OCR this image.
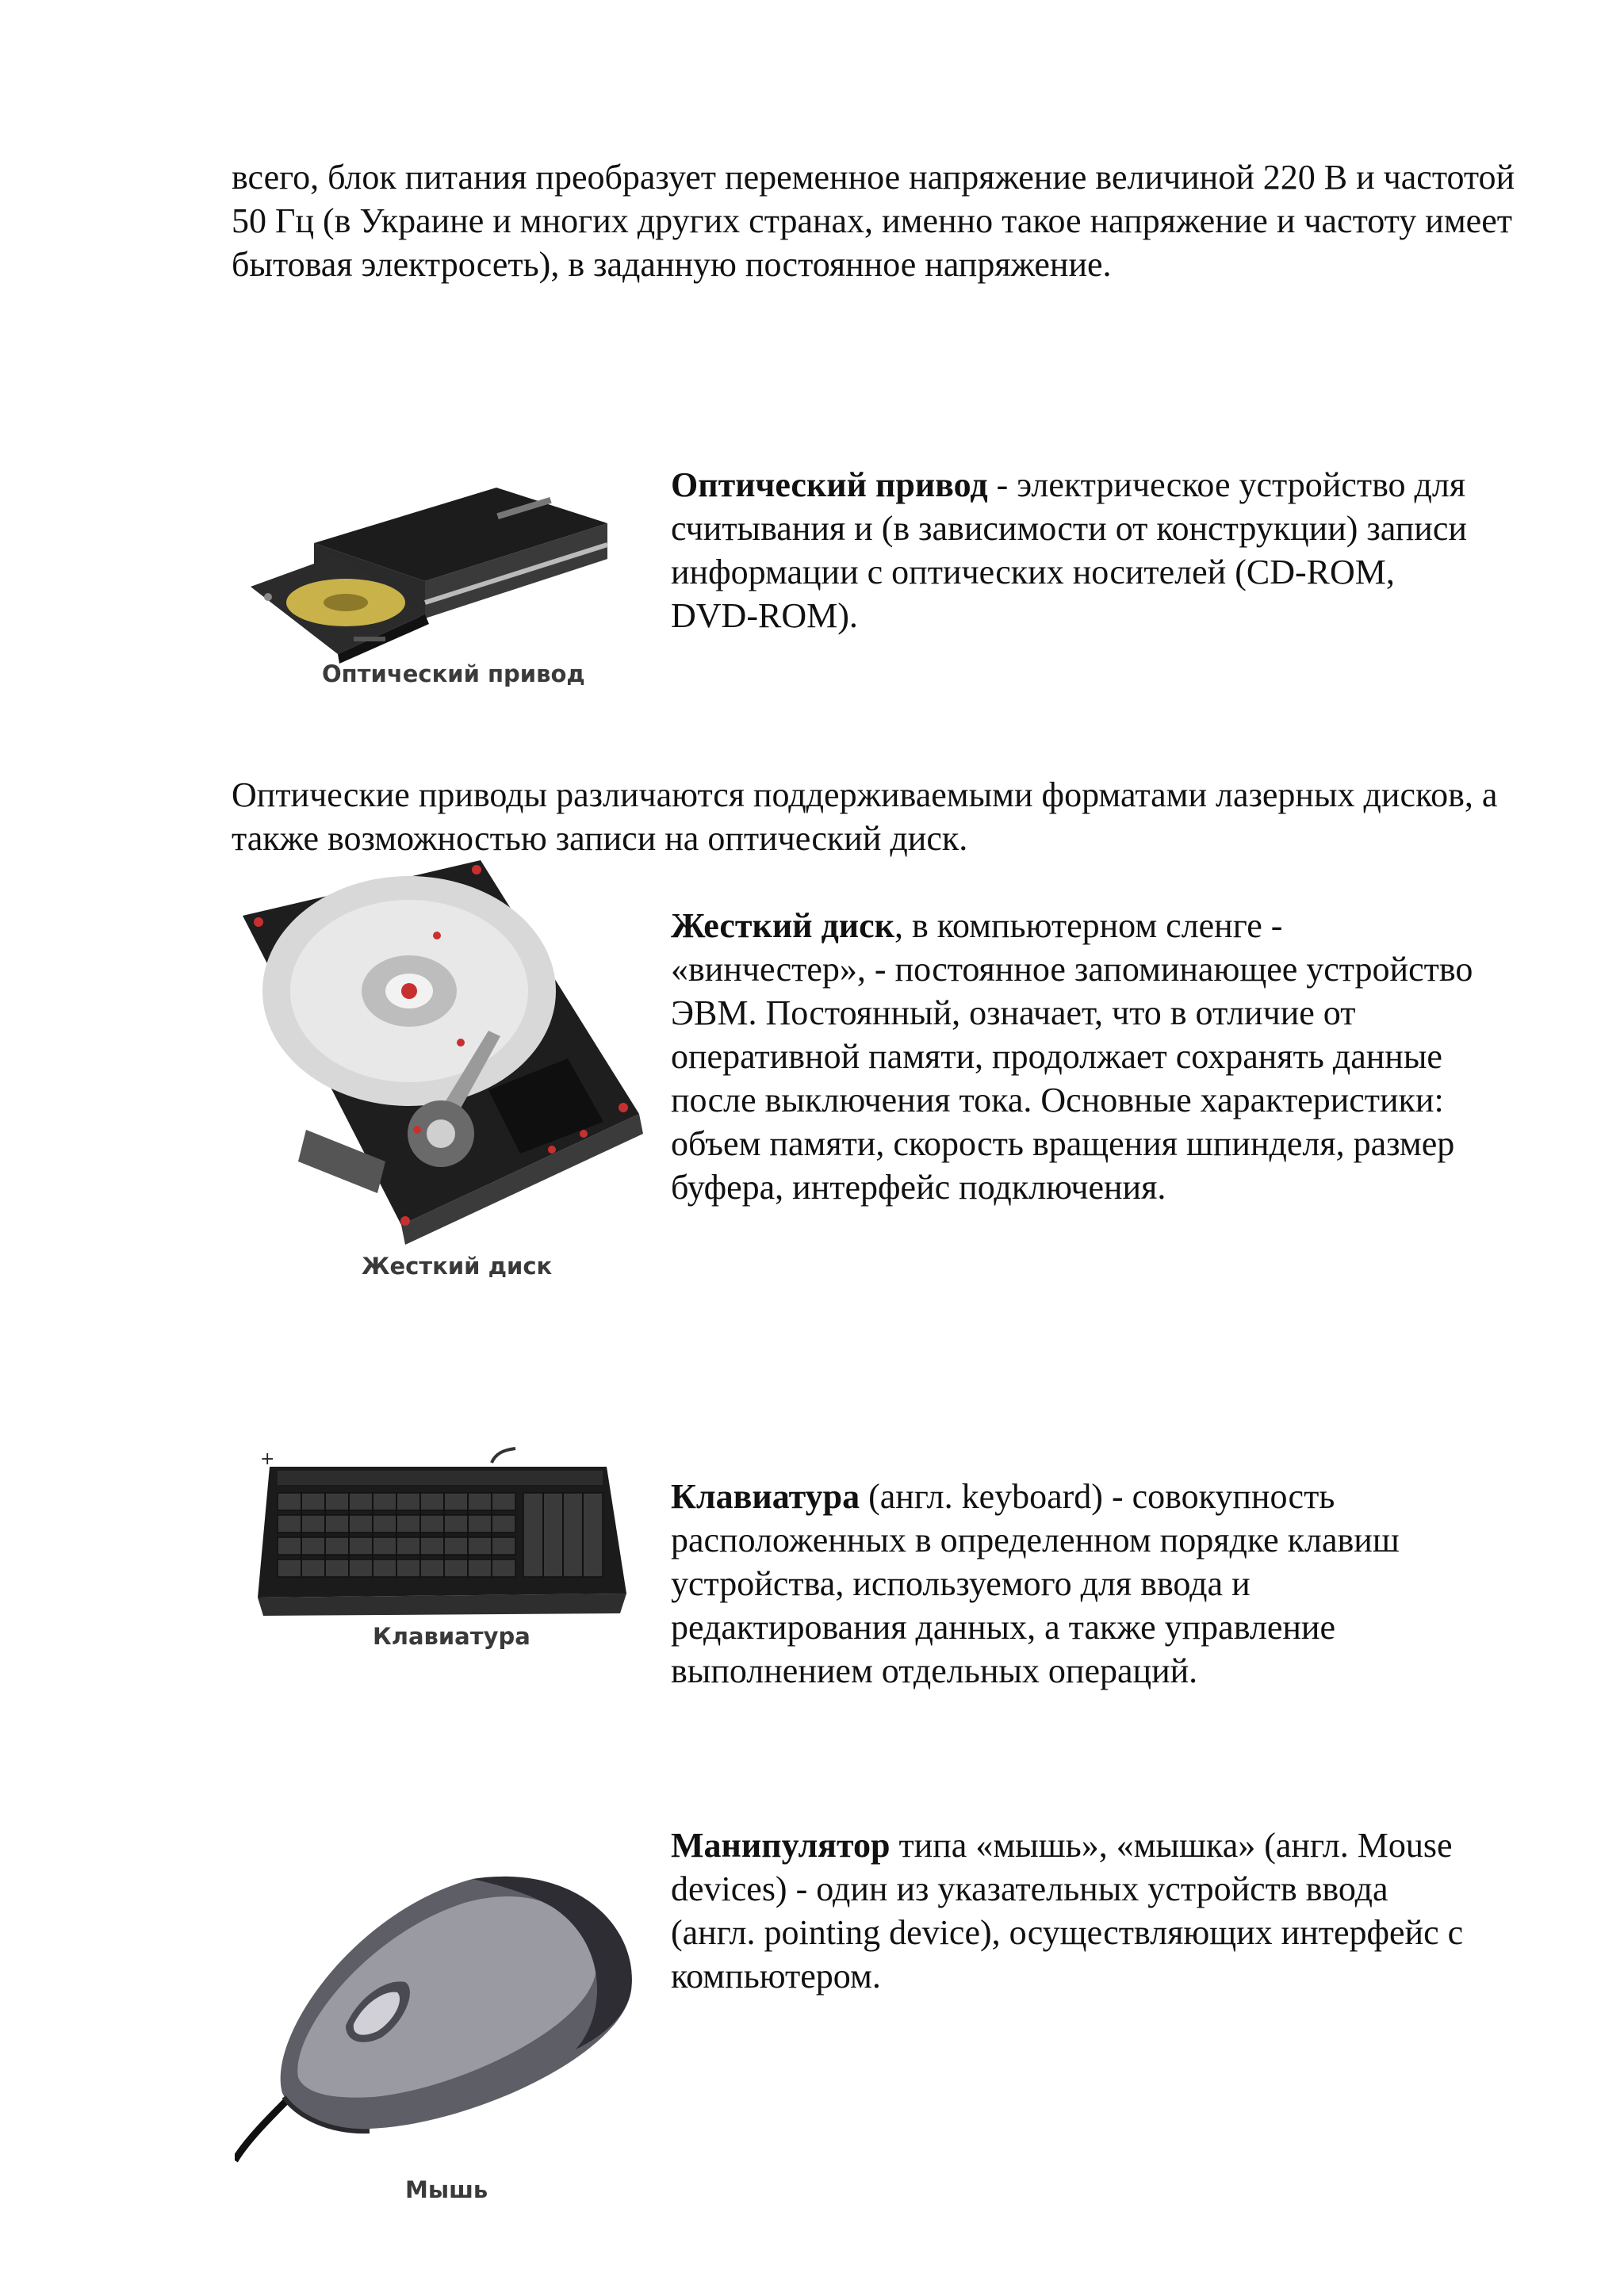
всего, блок питания преобразует переменное напряжение величиной 220 В и частотой 50 Гц (в Украине и многих других странах, именно такое напряжение и частоту имеет бытовая электросеть), в заданную постоянное напряжение.

Оптический привод

Оптический привод - электрическое устройство для считывания и (в зависимости от конструкции) записи информации с оптических носителей (CD-ROM, DVD-ROM).

Оптические приводы различаются поддерживаемыми форматами лазерных дисков, а также возможностью записи на оптический диск.

Жесткий диск

Жесткий диск, в компьютерном сленге - «винчестер», - постоянное запоминающее устройство ЭВМ. Постоянный, означает, что в отличие от оперативной памяти, продолжает сохранять данные после выключения тока. Основные характеристики: объем памяти, скорость вращения шпинделя, размер буфера, интерфейс подключения.

+
Клавиатура

Клавиатура (англ. keyboard) - совокупность расположенных в определенном порядке клавиш устройства, используемого для ввода и редактирования данных, а также управление выполнением отдельных операций.

Мышь

Манипулятор типа «мышь», «мышка» (англ. Mouse devices) - один из указательных устройств ввода (англ. pointing device), осуществляющих интерфейс с компьютером.
